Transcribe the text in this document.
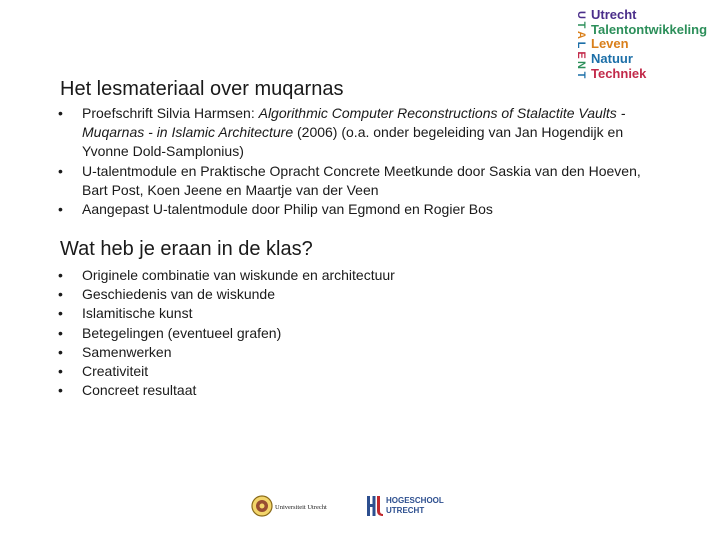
U
T
A
L
E
N
T
Utrecht
Talentontwikkeling
Leven
Natuur
Techniek
Het lesmateriaal over muqarnas
• Proefschrift Silvia Harmsen: Algorithmic Computer Reconstructions of Stalactite Vaults - Muqarnas - in Islamic Architecture (2006) (o.a. onder begeleiding van Jan Hogendijk en Yvonne Dold-Samplonius)
• U-talentmodule en Praktische Opracht Concrete Meetkunde door Saskia van den Hoeven, Bart Post, Koen Jeene en Maartje van der Veen
• Aangepast U-talentmodule door Philip van Egmond en Rogier Bos
Wat heb je eraan in de klas?
• Originele combinatie van wiskunde en architectuur
• Geschiedenis van de wiskunde
• Islamitische kunst
• Betegelingen (eventueel grafen)
• Samenwerken
• Creativiteit
• Concreet resultaat
Universiteit Utrecht
HOGESCHOOL
UTRECHT
